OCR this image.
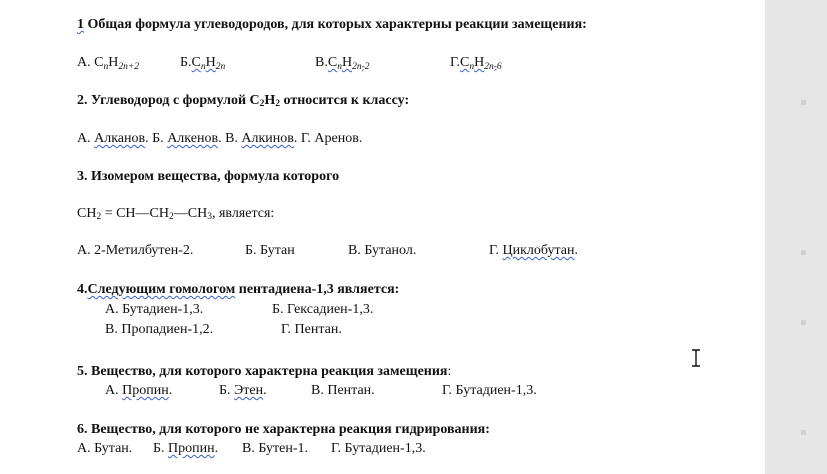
1 Общая формула углеводородов, для которых характерны реакции замещения:
А. $C_nH_{2n+2}$	$Б.C_nH_{2n}$	$В.C_nH_{2n-2}$	$Г.C_nH_{2n-6}$
2. Углеводород с формулой C2H2 относится к классу:
А. Алканов. Б. Алкенов. В. Алкинов. Г. Аренов.
3. Изомером вещества, формула которого
CH2 = CH—CH2—CH3, является:
А. 2-Метилбутен-2.	Б. Бутан	В. Бутанол.	Г. Циклобутан.
4.Следующим гомологом пентадиена-1,3 является:
А. Бутадиен-1,3.	Б. Гексадиен-1,3.
В. Пропадиен-1,2.	Г. Пентан.
5. Вещество, для которого характерна реакция замещения:
А. Пропин.	Б. Этен.	В. Пентан.	Г. Бутадиен-1,3.
6. Вещество, для которого не характерна реакция гидрирования:
А. Бутан. Б. Пропин. В. Бутен-1. Г. Бутадиен-1,3.
